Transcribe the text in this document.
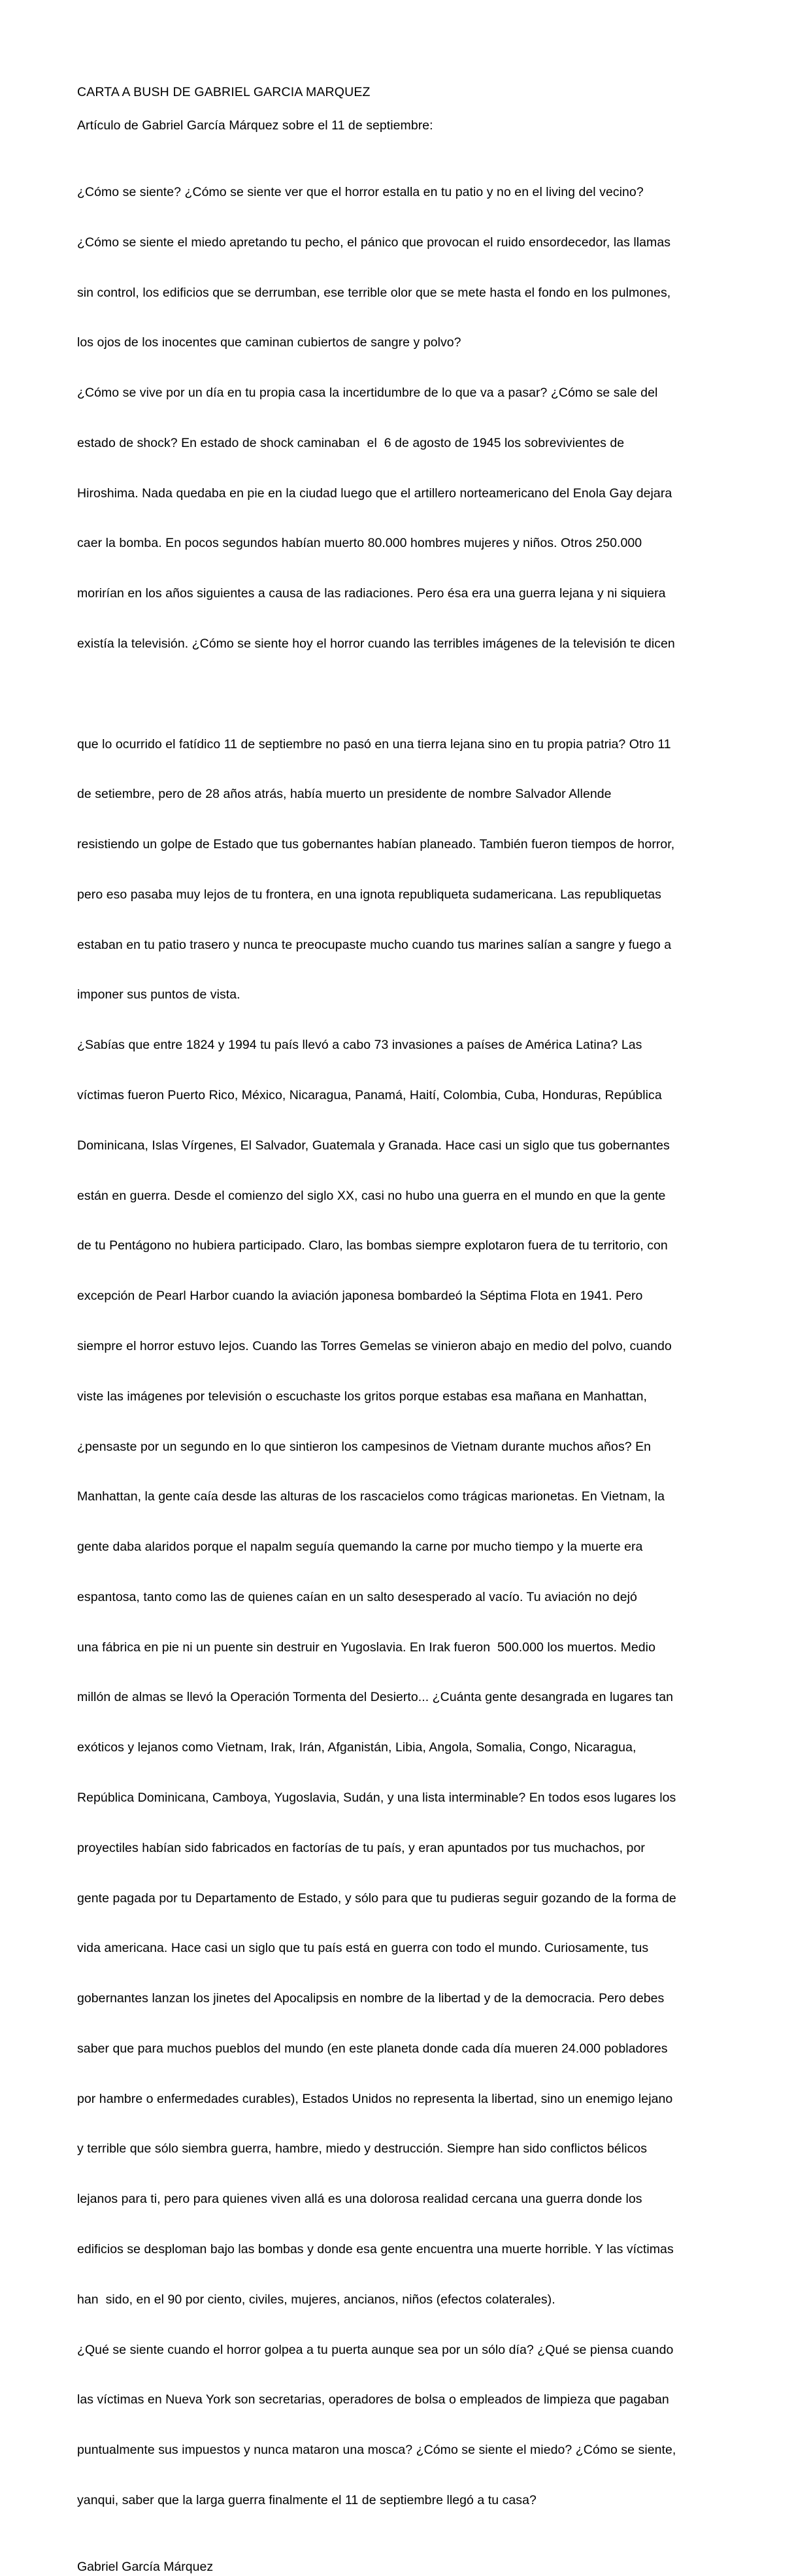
CARTA A BUSH DE GABRIEL GARCIA MARQUEZ
Artículo de Gabriel García Márquez sobre el 11 de septiembre:

¿Cómo se siente? ¿Cómo se siente ver que el horror estalla en tu patio y no en el living del vecino?

¿Cómo se siente el miedo apretando tu pecho, el pánico que provocan el ruido ensordecedor, las llamas

sin control, los edificios que se derrumban, ese terrible olor que se mete hasta el fondo en los pulmones,

los ojos de los inocentes que caminan cubiertos de sangre y polvo?

¿Cómo se vive por un día en tu propia casa la incertidumbre de lo que va a pasar? ¿Cómo se sale del

estado de shock? En estado de shock caminaban  el  6 de agosto de 1945 los sobrevivientes de

Hiroshima. Nada quedaba en pie en la ciudad luego que el artillero norteamericano del Enola Gay dejara

caer la bomba. En pocos segundos habían muerto 80.000 hombres mujeres y niños. Otros 250.000

morirían en los años siguientes a causa de las radiaciones. Pero ésa era una guerra lejana y ni siquiera

existía la televisión. ¿Cómo se siente hoy el horror cuando las terribles imágenes de la televisión te dicen

que lo ocurrido el fatídico 11 de septiembre no pasó en una tierra lejana sino en tu propia patria? Otro 11

de setiembre, pero de 28 años atrás, había muerto un presidente de nombre Salvador Allende

resistiendo un golpe de Estado que tus gobernantes habían planeado. También fueron tiempos de horror,

pero eso pasaba muy lejos de tu frontera, en una ignota republiqueta sudamericana. Las republiquetas

estaban en tu patio trasero y nunca te preocupaste mucho cuando tus marines salían a sangre y fuego a

imponer sus puntos de vista.

¿Sabías que entre 1824 y 1994 tu país llevó a cabo 73 invasiones a países de América Latina? Las

víctimas fueron Puerto Rico, México, Nicaragua, Panamá, Haití, Colombia, Cuba, Honduras, República

Dominicana, Islas Vírgenes, El Salvador, Guatemala y Granada. Hace casi un siglo que tus gobernantes

están en guerra. Desde el comienzo del siglo XX, casi no hubo una guerra en el mundo en que la gente

de tu Pentágono no hubiera participado. Claro, las bombas siempre explotaron fuera de tu territorio, con

excepción de Pearl Harbor cuando la aviación japonesa bombardeó la Séptima Flota en 1941. Pero

siempre el horror estuvo lejos. Cuando las Torres Gemelas se vinieron abajo en medio del polvo, cuando

viste las imágenes por televisión o escuchaste los gritos porque estabas esa mañana en Manhattan,

¿pensaste por un segundo en lo que sintieron los campesinos de Vietnam durante muchos años? En

Manhattan, la gente caía desde las alturas de los rascacielos como trágicas marionetas. En Vietnam, la

gente daba alaridos porque el napalm seguía quemando la carne por mucho tiempo y la muerte era

espantosa, tanto como las de quienes caían en un salto desesperado al vacío. Tu aviación no dejó

una fábrica en pie ni un puente sin destruir en Yugoslavia. En Irak fueron  500.000 los muertos. Medio

millón de almas se llevó la Operación Tormenta del Desierto... ¿Cuánta gente desangrada en lugares tan

exóticos y lejanos como Vietnam, Irak, Irán, Afganistán, Libia, Angola, Somalia, Congo, Nicaragua,

República Dominicana, Camboya, Yugoslavia, Sudán, y una lista interminable? En todos esos lugares los

proyectiles habían sido fabricados en factorías de tu país, y eran apuntados por tus muchachos, por

gente pagada por tu Departamento de Estado, y sólo para que tu pudieras seguir gozando de la forma de

vida americana. Hace casi un siglo que tu país está en guerra con todo el mundo. Curiosamente, tus

gobernantes lanzan los jinetes del Apocalipsis en nombre de la libertad y de la democracia. Pero debes

saber que para muchos pueblos del mundo (en este planeta donde cada día mueren 24.000 pobladores

por hambre o enfermedades curables), Estados Unidos no representa la libertad, sino un enemigo lejano

y terrible que sólo siembra guerra, hambre, miedo y destrucción. Siempre han sido conflictos bélicos

lejanos para ti, pero para quienes viven allá es una dolorosa realidad cercana una guerra donde los

edificios se desploman bajo las bombas y donde esa gente encuentra una muerte horrible. Y las víctimas

han  sido, en el 90 por ciento, civiles, mujeres, ancianos, niños (efectos colaterales).

¿Qué se siente cuando el horror golpea a tu puerta aunque sea por un sólo día? ¿Qué se piensa cuando

las víctimas en Nueva York son secretarias, operadores de bolsa o empleados de limpieza que pagaban

puntualmente sus impuestos y nunca mataron una mosca? ¿Cómo se siente el miedo? ¿Cómo se siente,

yanqui, saber que la larga guerra finalmente el 11 de septiembre llegó a tu casa?

Gabriel García Márquez
